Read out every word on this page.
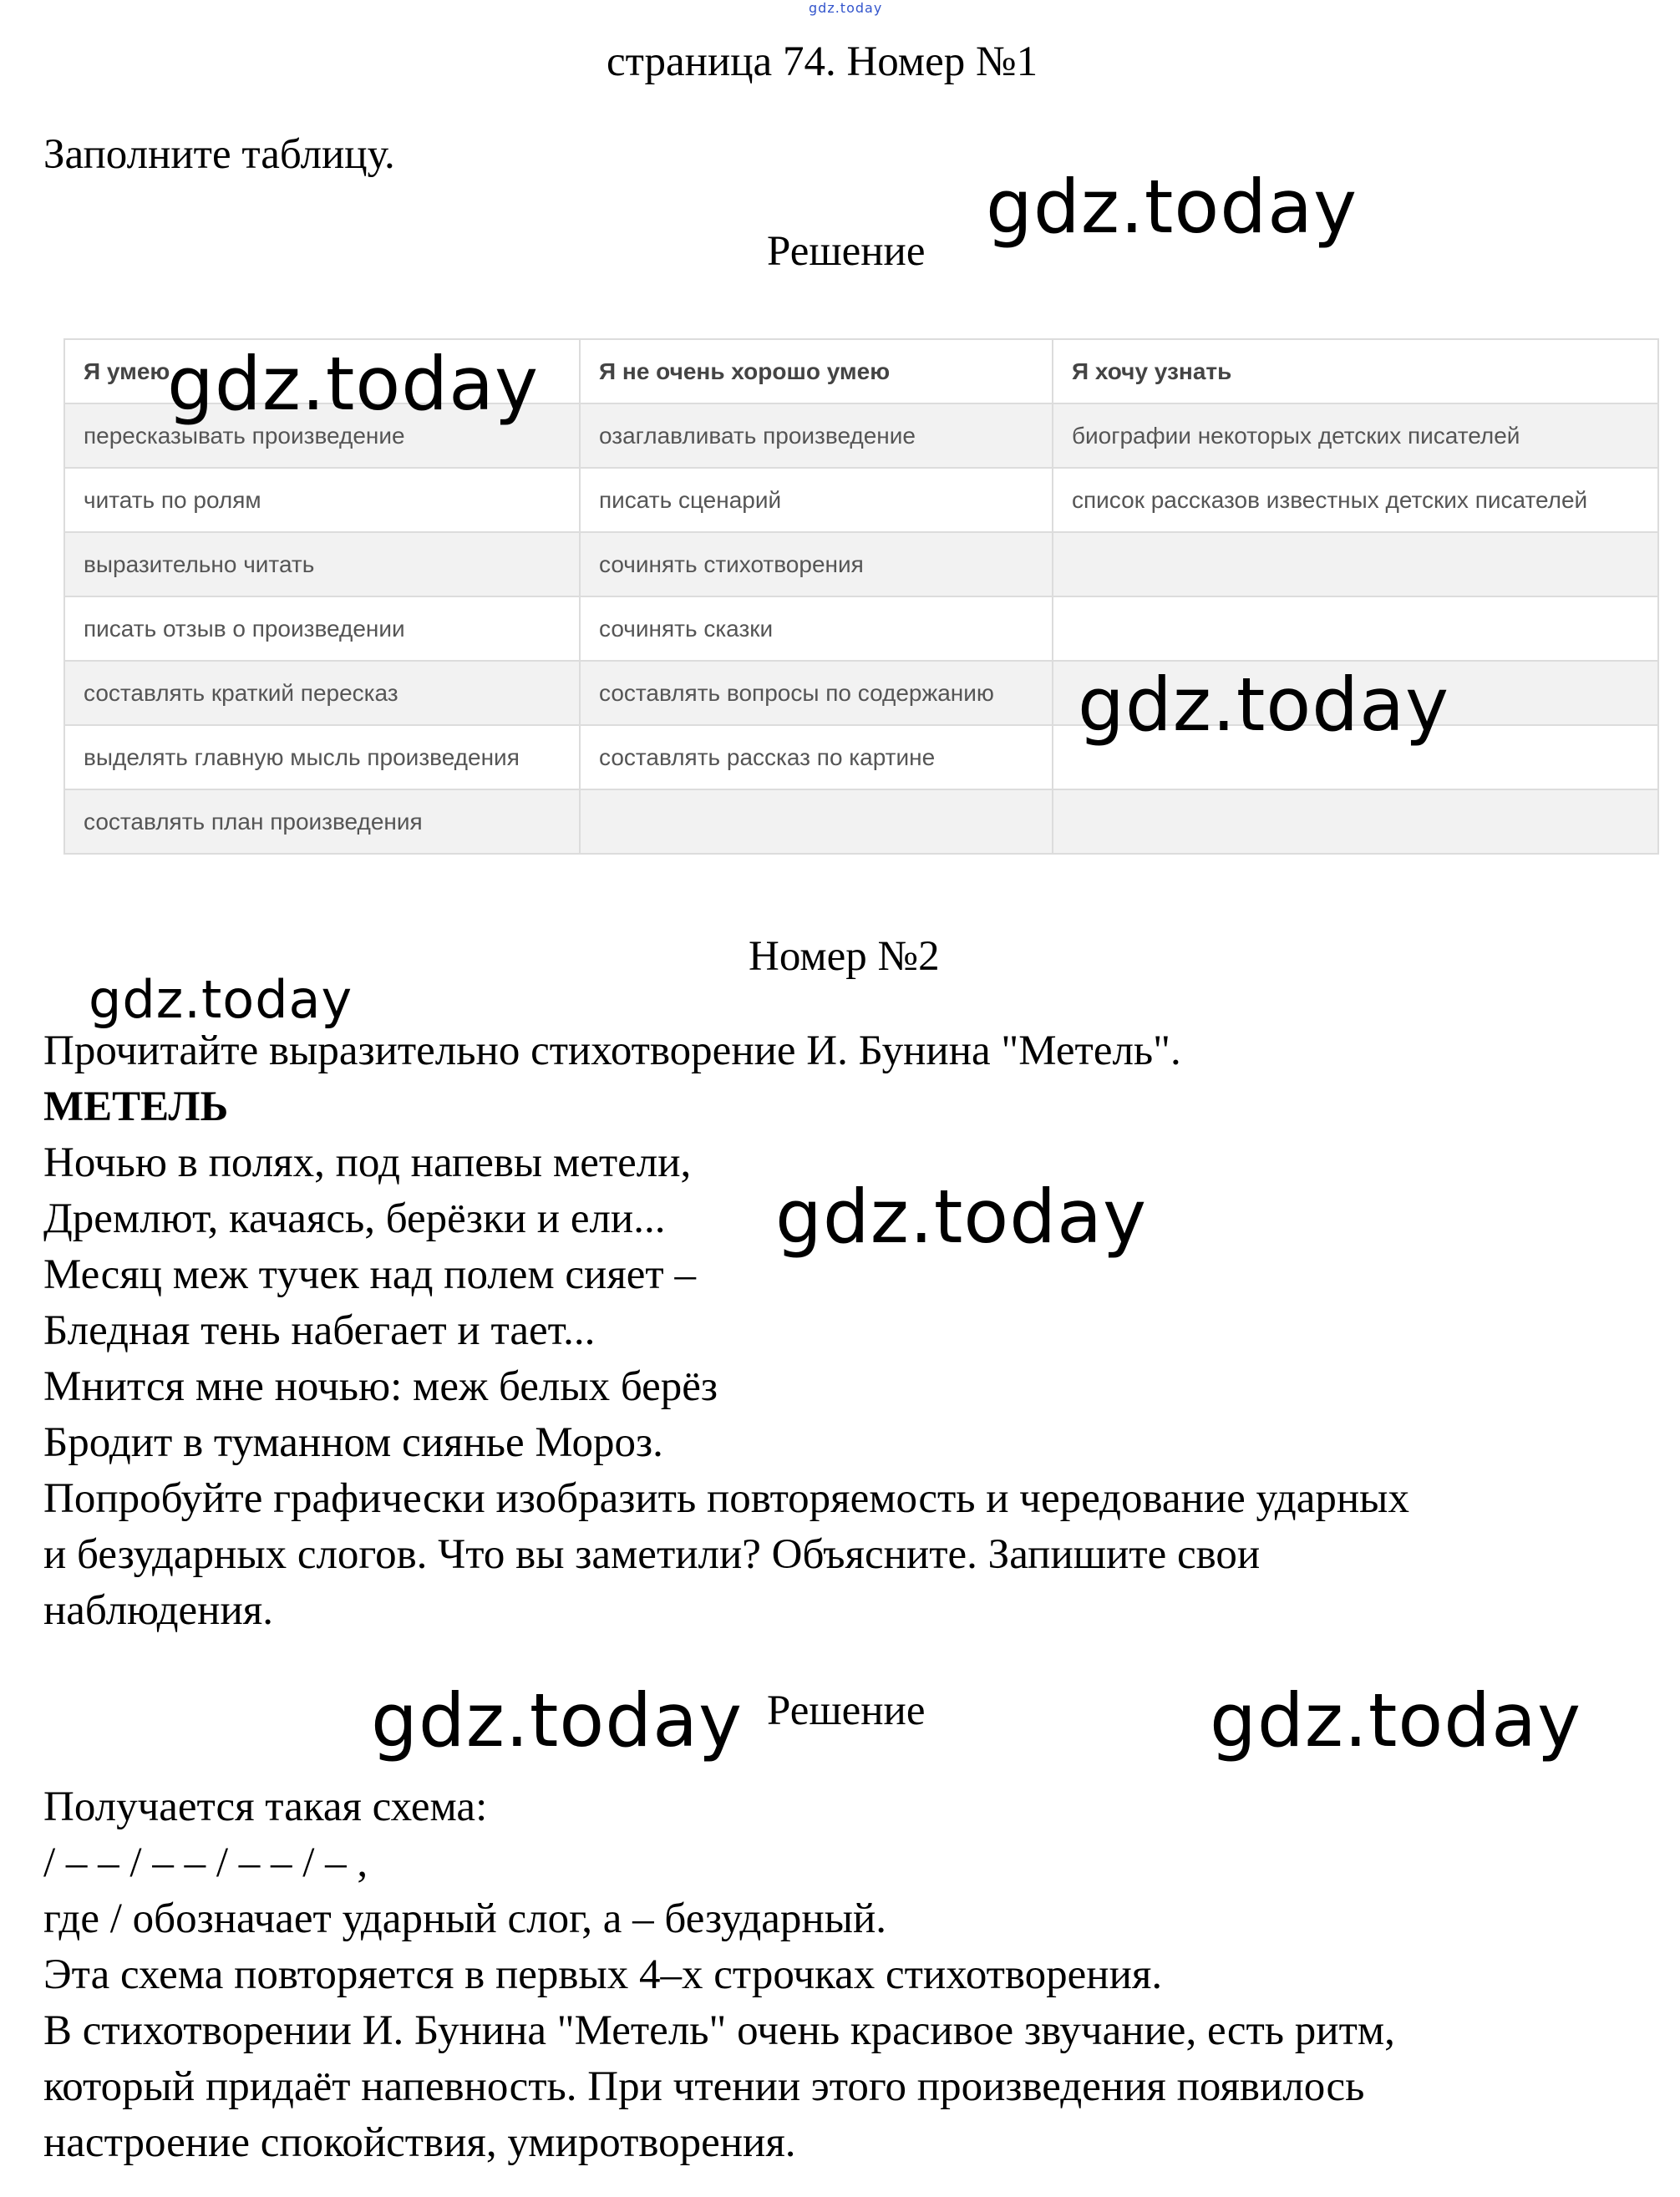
gdz.today
страница 74. Номер №1
Заполните таблицу.
Решение
Я умею	Я не очень хорошо умею	Я хочу узнать
пересказывать произведение	озаглавливать произведение	биографии некоторых детских писателей
читать по ролям	писать сценарий	список рассказов известных детских писателей
выразительно читать	сочинять стихотворения	
писать отзыв о произведении	сочинять сказки	
составлять краткий пересказ	составлять вопросы по содержанию	
выделять главную мысль произведения	составлять рассказ по картине	
составлять план произведения		
gdz.today
gdz.today
gdz.today
Номер №2
gdz.today
Прочитайте выразительно стихотворение И. Бунина "Метель".
МЕТЕЛЬ
Ночью в полях, под напевы метели,
Дремлют, качаясь, берёзки и ели...
Месяц меж тучек над полем сияет –
Бледная тень набегает и тает...
Мнится мне ночью: меж белых берёз
Бродит в туманном сиянье Мороз.
gdz.today
Попробуйте графически изобразить повторяемость и чередование ударных
и безударных слогов. Что вы заметили? Объясните. Запишите свои
наблюдения.
gdz.today Решение	gdz.today
Получается такая схема:
/ – – / – – / – – / – ,
где / обозначает ударный слог, а – безударный.
Эта схема повторяется в первых 4–х строчках стихотворения.
В стихотворении И. Бунина "Метель" очень красивое звучание, есть ритм,
который придаёт напевность. При чтении этого произведения появилось
настроение спокойствия, умиротворения.
